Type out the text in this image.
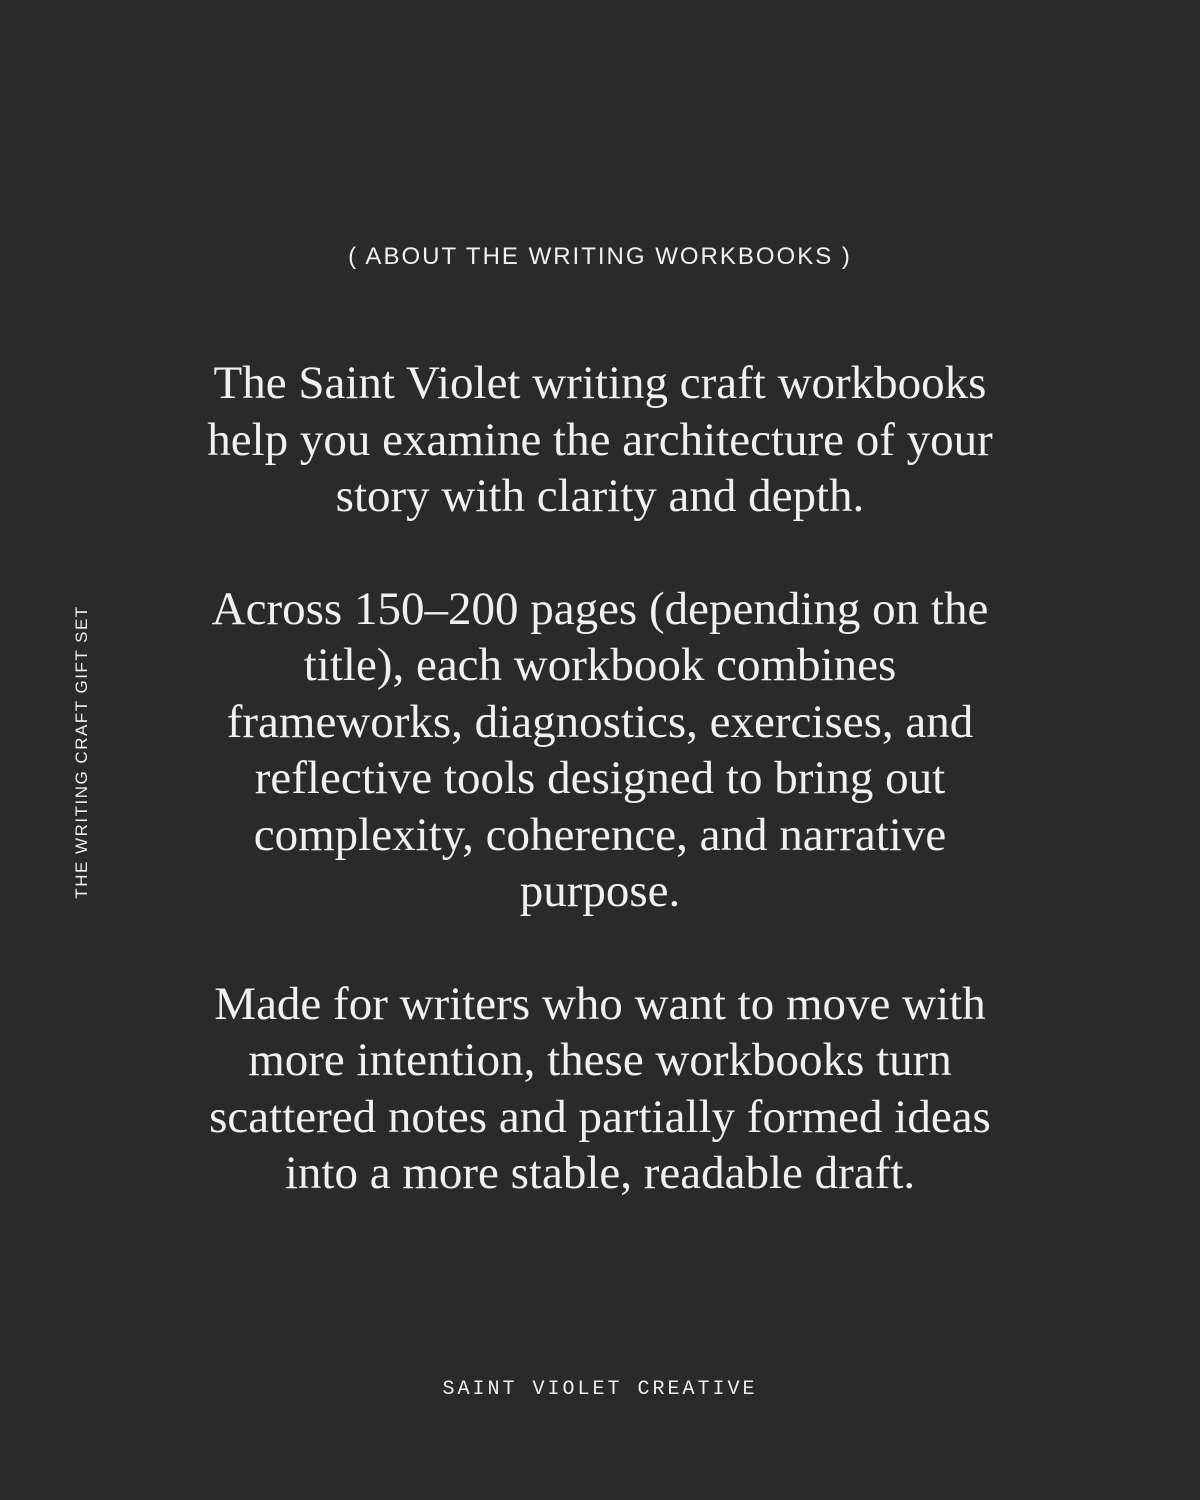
( ABOUT THE WRITING WORKBOOKS )
THE WRITING CRAFT GIFT SET

The Saint Violet writing craft workbooks help you examine the architecture of your story with clarity and depth.

Across 150–200 pages (depending on the title), each workbook combines frameworks, diagnostics, exercises, and reflective tools designed to bring out complexity, coherence, and narrative purpose.

Made for writers who want to move with more intention, these workbooks turn scattered notes and partially formed ideas into a more stable, readable draft.

SAINT VIOLET CREATIVE
